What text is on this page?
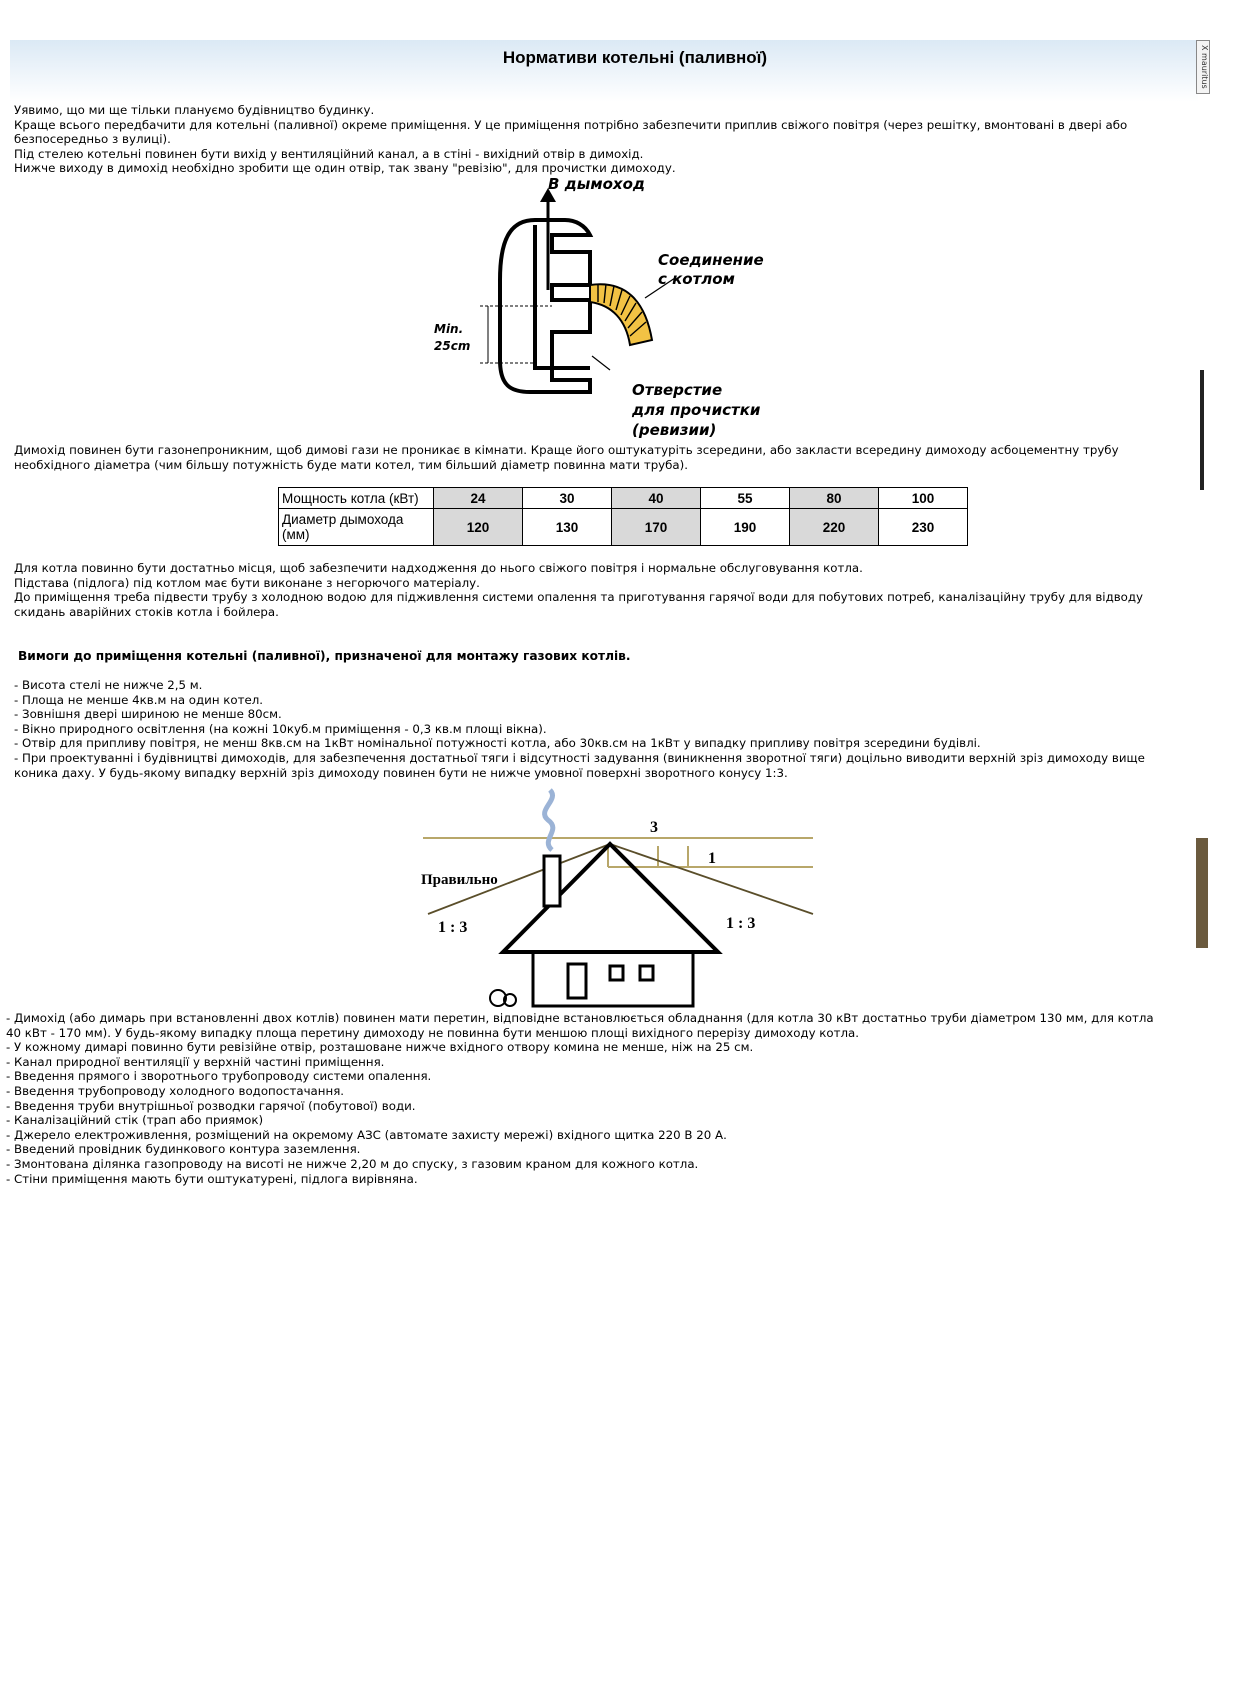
Нормативи котельні (паливної)	X mauritus
Уявимо, що ми ще тільки плануємо будівництво будинку.
Краще всього передбачити для котельні (паливної) окреме приміщення. У це приміщення потрібно забезпечити приплив свіжого повітря (через решітку, вмонтовані в двері або
безпосередньо з вулиці).
Під стелею котельні повинен бути вихід у вентиляційний канал, а в стіні - вихідний отвір в димохід.
Нижче виходу в димохід необхідно зробити ще один отвір, так звану "ревізію", для прочистки димоходу.
В дымоход
Соединение
с котлом
Min.
25cm
Отверстие
для прочистки
(ревизии)
Димохід повинен бути газонепроникним, щоб димові гази не проникає в кімнати. Краще його оштукатуріть зсередини, або закласти всередину димоходу асбоцементну трубу
необхідного діаметра (чим більшу потужність буде мати котел, тим більший діаметр повинна мати труба).
Мощность котла (кВт)	24	30	40	55	80	100
Диаметр дымохода (мм)	120	130	170	190	220	230
Для котла повинно бути достатньо місця, щоб забезпечити надходження до нього свіжого повітря і нормальне обслуговування котла.
Підстава (підлога) під котлом має бути виконане з негорючого матеріалу.
До приміщення треба підвести трубу з холодною водою для підживлення системи опалення та приготування гарячої води для побутових потреб, каналізаційну трубу для відводу
скидань аварійних стоків котла і бойлера.
Вимоги до приміщення котельні (паливної), призначеної для монтажу газових котлів.
- Висота стелі не нижче 2,5 м.
- Площа не менше 4кв.м на один котел.
- Зовнішня двері шириною не менше 80см.
- Вікно природного освітлення (на кожні 10куб.м приміщення - 0,3 кв.м площі вікна).
- Отвір для припливу повітря, не менш 8кв.см на 1кВт номінальної потужності котла, або 30кв.см на 1кВт у випадку припливу повітря зсередини будівлі.
- При проектуванні і будівництві димоходів, для забезпечення достатньої тяги і відсутності задування (виникнення зворотної тяги) доцільно виводити верхній зріз димоходу вище
коника даху. У будь-якому випадку верхній зріз димоходу повинен бути не нижче умовної поверхні зворотного конусу 1:3.
Правильно
1 : 3	1 : 3
3
1
- Димохід (або димарь при встановленні двох котлів) повинен мати перетин, відповідне встановлюється обладнання (для котла 30 кВт достатньо труби діаметром 130 мм, для котла
40 кВт - 170 мм). У будь-якому випадку площа перетину димоходу не повинна бути меншою площі вихідного перерізу димоходу котла.
- У кожному димарі повинно бути ревізійне отвір, розташоване нижче вхідного отвору комина не менше, ніж на 25 см.
- Канал природної вентиляції у верхній частині приміщення.
- Введення прямого і зворотнього трубопроводу системи опалення.
- Введення трубопроводу холодного водопостачання.
- Введення труби внутрішньої розводки гарячої (побутової) води.
- Каналізаційний стік (трап або приямок)
- Джерело електроживлення, розміщений на окремому АЗС (автомате захисту мережі) вхідного щитка 220 В 20 А.
- Введений провідник будинкового контура заземлення.
- Змонтована ділянка газопроводу на висоті не нижче 2,20 м до спуску, з газовим краном для кожного котла.
- Стіни приміщення мають бути оштукатурені, підлога вирівняна.
